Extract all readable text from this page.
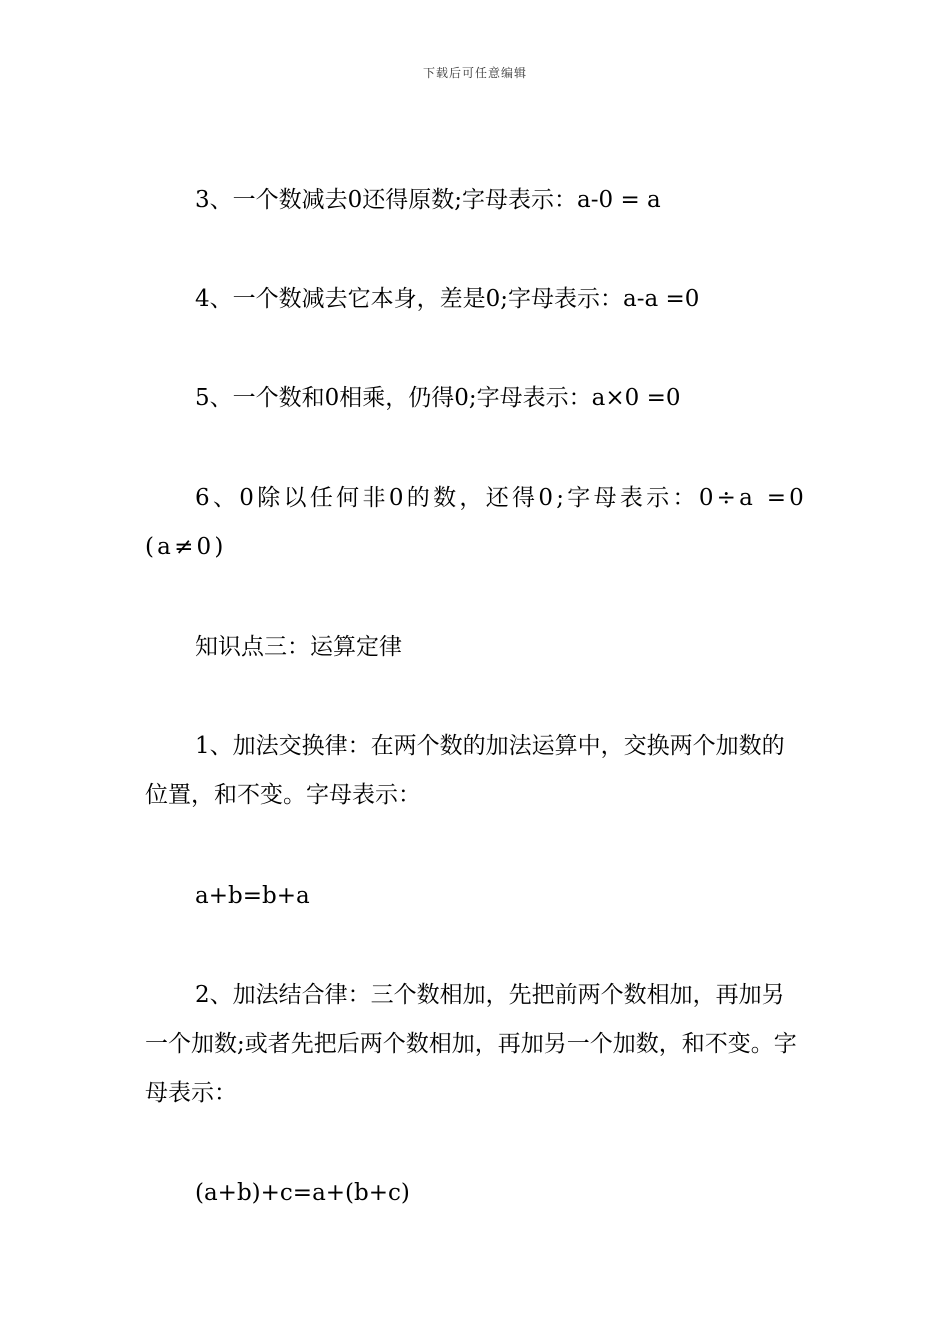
下载后可任意编辑

3、一个数减去0还得原数;字母表示：a-0 = a

4、一个数减去它本身，差是0;字母表示：a-a =0

5、一个数和0相乘，仍得0;字母表示：a×0 =0

6、0除以任何非0的数，还得0;字母表示：0÷a =0(a≠0)

知识点三：运算定律

1、加法交换律：在两个数的加法运算中，交换两个加数的位置，和不变。字母表示：

a+b=b+a

2、加法结合律：三个数相加，先把前两个数相加，再加另一个加数;或者先把后两个数相加，再加另一个加数，和不变。字母表示：

(a+b)+c=a+(b+c)
